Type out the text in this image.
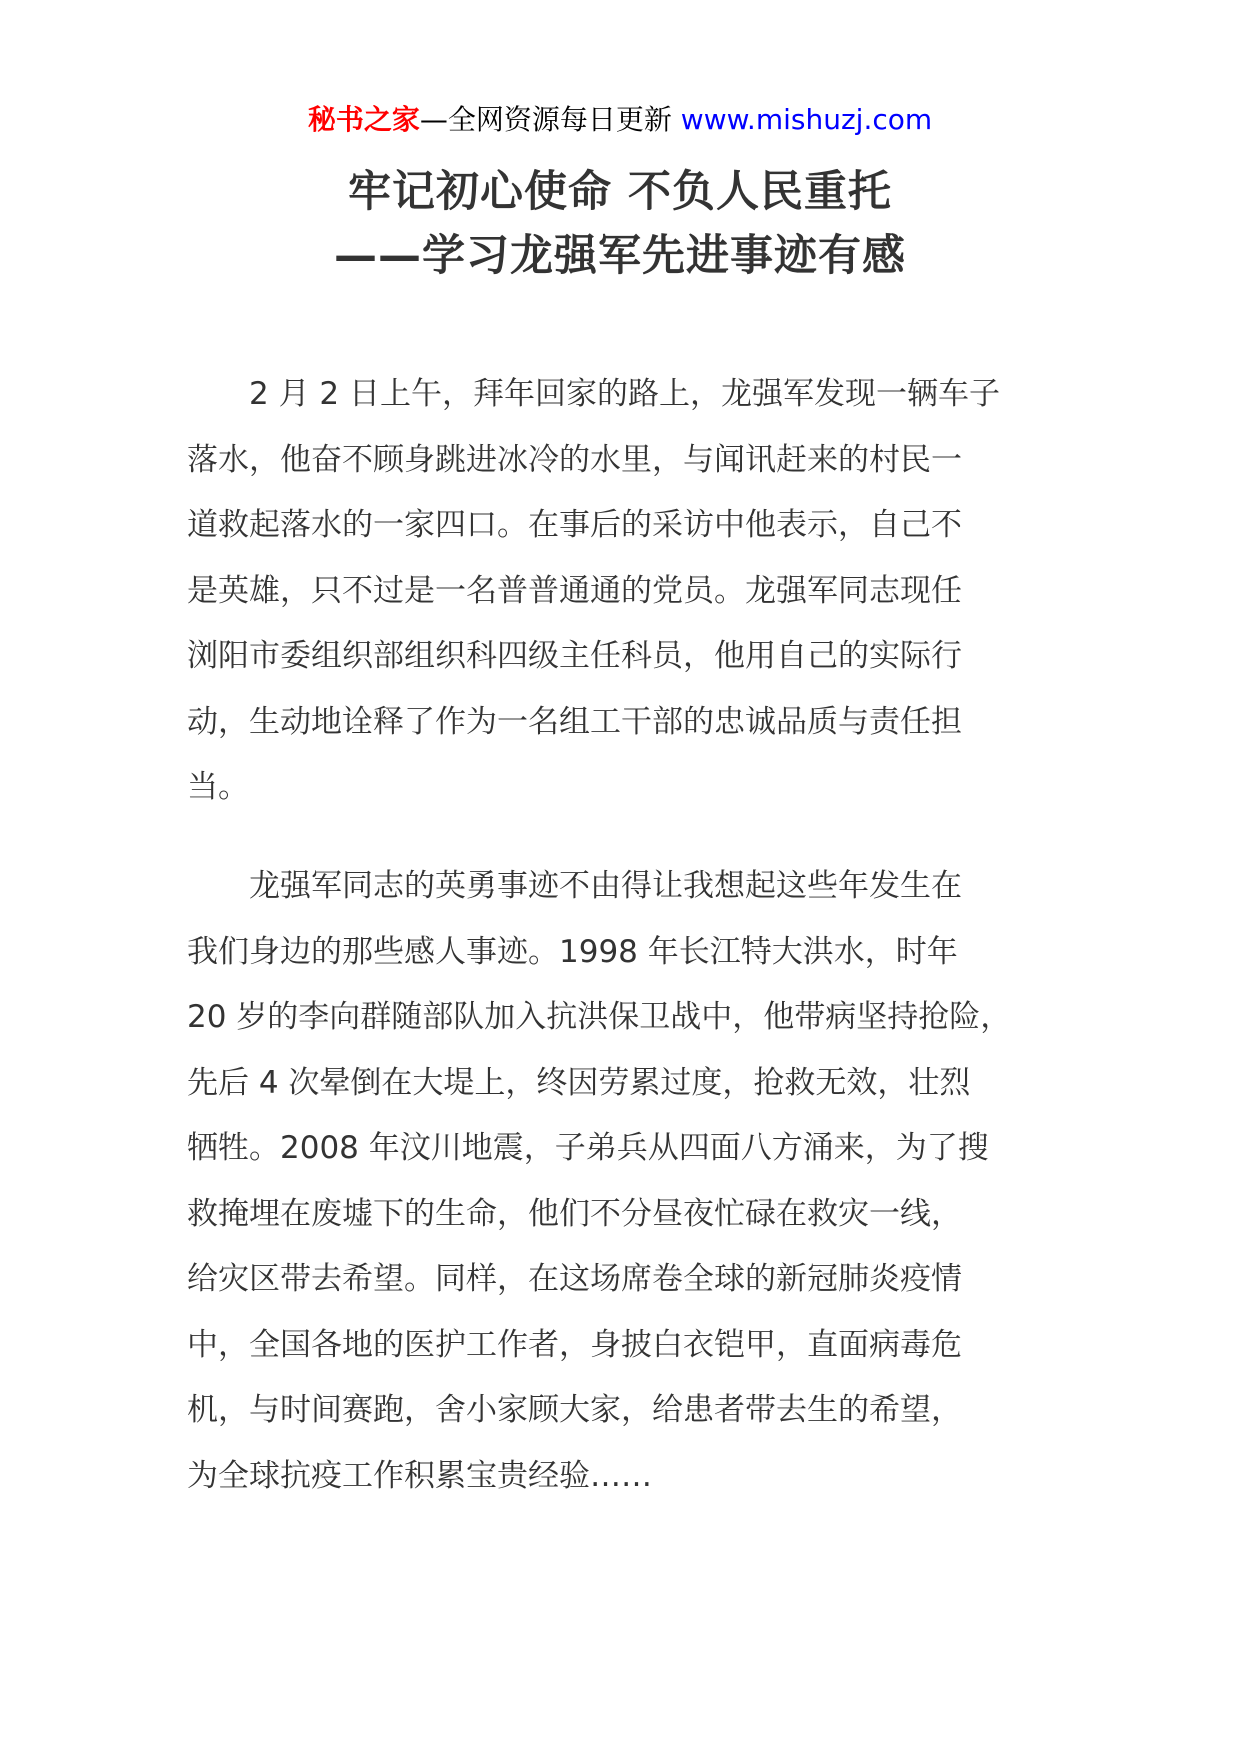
秘书之家—全网资源每日更新 www.mishuzj.com
牢记初心使命 不负人民重托
——学习龙强军先进事迹有感
　　2 月 2 日上午，拜年回家的路上，龙强军发现一辆车子
落水，他奋不顾身跳进冰冷的水里，与闻讯赶来的村民一
道救起落水的一家四口。在事后的采访中他表示，自己不
是英雄，只不过是一名普普通通的党员。龙强军同志现任
浏阳市委组织部组织科四级主任科员，他用自己的实际行
动，生动地诠释了作为一名组工干部的忠诚品质与责任担
当。
　　龙强军同志的英勇事迹不由得让我想起这些年发生在
我们身边的那些感人事迹。1998 年长江特大洪水，时年
20 岁的李向群随部队加入抗洪保卫战中，他带病坚持抢险，
先后 4 次晕倒在大堤上，终因劳累过度，抢救无效，壮烈
牺牲。2008 年汶川地震，子弟兵从四面八方涌来，为了搜
救掩埋在废墟下的生命，他们不分昼夜忙碌在救灾一线，
给灾区带去希望。同样，在这场席卷全球的新冠肺炎疫情
中，全国各地的医护工作者，身披白衣铠甲，直面病毒危
机，与时间赛跑，舍小家顾大家，给患者带去生的希望，
为全球抗疫工作积累宝贵经验……
